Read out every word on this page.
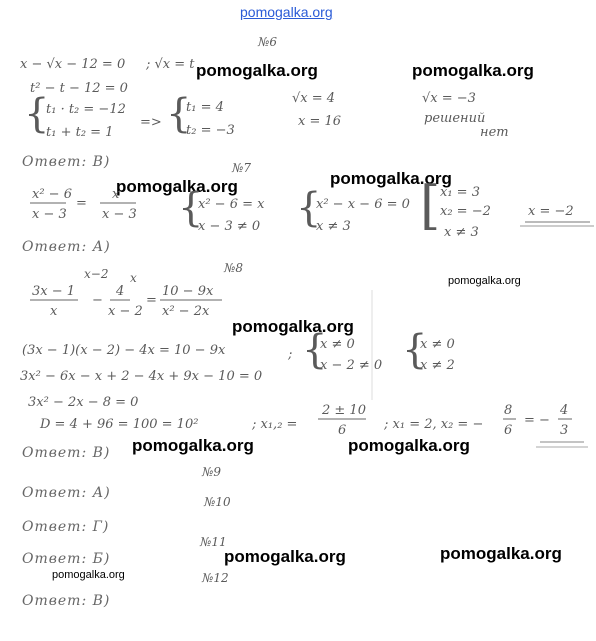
pomogalka.org
№6
x − √x − 12 = 0 ; √x = t pomogalka.org	pomogalka.org
t² − t − 12 = 0
{
t₁ · t₂ = −12
t₁ + t₂ = 1
=> {
t₁ = 4
t₂ = −3
√x = 4
x = 16
√x = −3
решений
нет
Ответ: В)	№7
pomogalka.org
pomogalka.org
x² − 6
x − 3
=
x
x − 3 {
x² − 6 = x
x − 3 ≠ 0 {
x² − x − 6 = 0
x ≠ 3 [ x₁ = 3
x₂ = −2
x ≠ 3
x = −2
Ответ: А)
№8
pomogalka.org
x−2 x
3x − 1
x
−
4
x − 2
=
10 − 9x
x² − 2x
pomogalka.org
(3x − 1)(x − 2) − 4x = 10 − 9x	; {
x ≠ 0
x − 2 ≠ 0 {
x ≠ 0
x ≠ 2
3x² − 6x − x + 2 − 4x + 9x − 10 = 0
3x² − 2x − 8 = 0
D = 4 + 96 = 100 = 10²	; x₁,₂ =
2 ± 10
6	; x₁ = 2, x₂ = −
8
6
= −
4
3
pomogalka.org	pomogalka.org
Ответ: В)
№9
Ответ: А)
№10
Ответ: Г)
№11
pomogalka.org	pomogalka.org
Ответ: Б)
pomogalka.org	№12
Ответ: В)
